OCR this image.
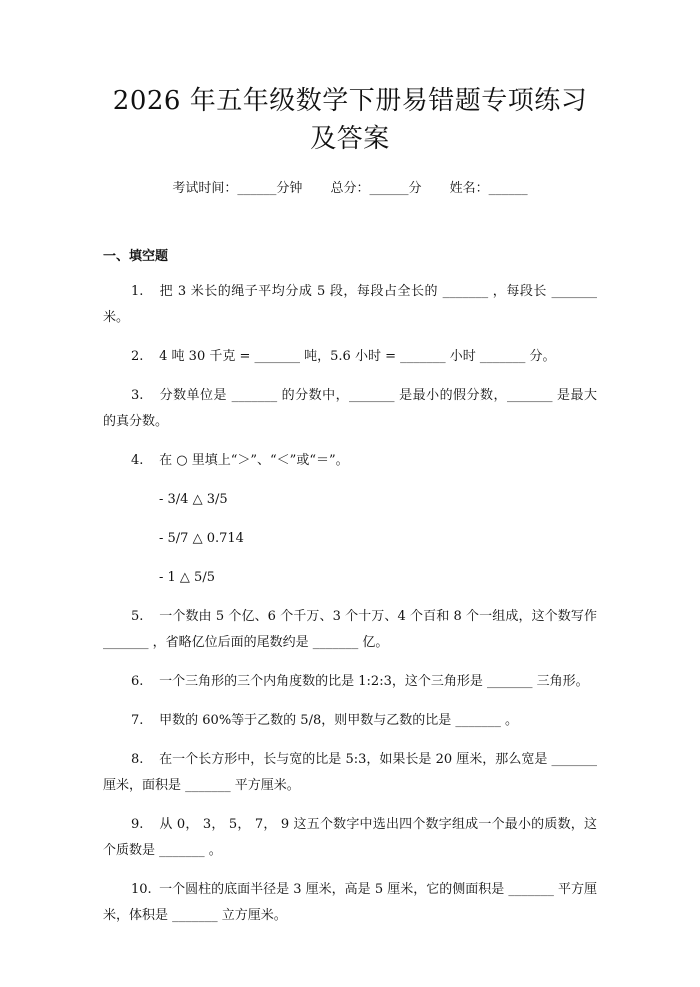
2026 年五年级数学下册易错题专项练习及答案
考试时间：______分钟 总分：______分 姓名：______
一、填空题
1. 把 3 米长的绳子平均分成 5 段，每段占全长的 _______ ，每段长 _______ 米。
2. 4 吨 30 千克 = _______ 吨，5.6 小时 = _______ 小时 _______ 分。
3. 分数单位是 _______ 的分数中，_______ 是最小的假分数，_______ 是最大的真分数。
4. 在 ○ 里填上“＞”、“＜”或“＝”。
- 3/4 △ 3/5
- 5/7 △ 0.714
- 1 △ 5/5
5. 一个数由 5 个亿、6 个千万、3 个十万、4 个百和 8 个一组成，这个数写作 _______ ，省略亿位后面的尾数约是 _______ 亿。
6. 一个三角形的三个内角度数的比是 1:2:3，这个三角形是 _______ 三角形。
7. 甲数的 60%等于乙数的 5/8，则甲数与乙数的比是 _______ 。
8. 在一个长方形中，长与宽的比是 5:3，如果长是 20 厘米，那么宽是 _______ 厘米，面积是 _______ 平方厘米。
9. 从 0， 3， 5， 7， 9 这五个数字中选出四个数字组成一个最小的质数，这个质数是 _______ 。
10. 一个圆柱的底面半径是 3 厘米，高是 5 厘米，它的侧面积是 _______ 平方厘米，体积是 _______ 立方厘米。
